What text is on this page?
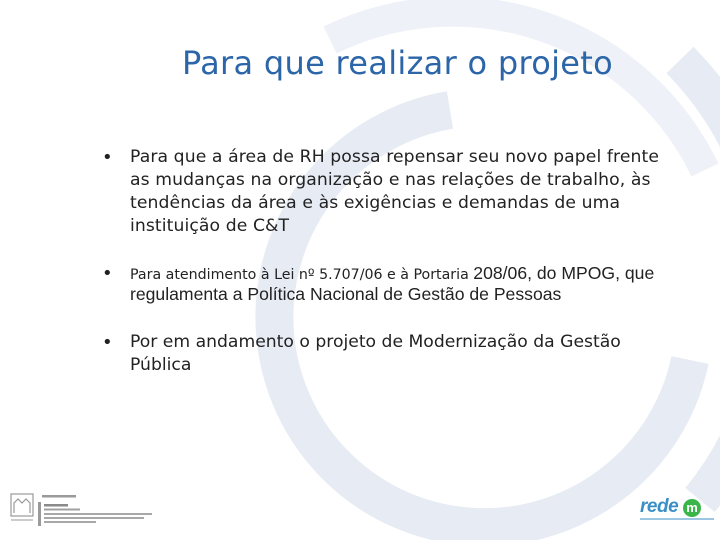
Para que realizar o projeto
• Para que a área de RH possa repensar seu novo papel frente as mudanças na organização e nas relações de trabalho, às tendências da área e às exigências e demandas de uma instituição de C&T
• Para atendimento à Lei nº 5.707/06 e à Portaria 208/06, do MPOG, que regulamenta a Política Nacional de Gestão de Pessoas
• Por em andamento o projeto de Modernização da Gestão Pública
rede m
